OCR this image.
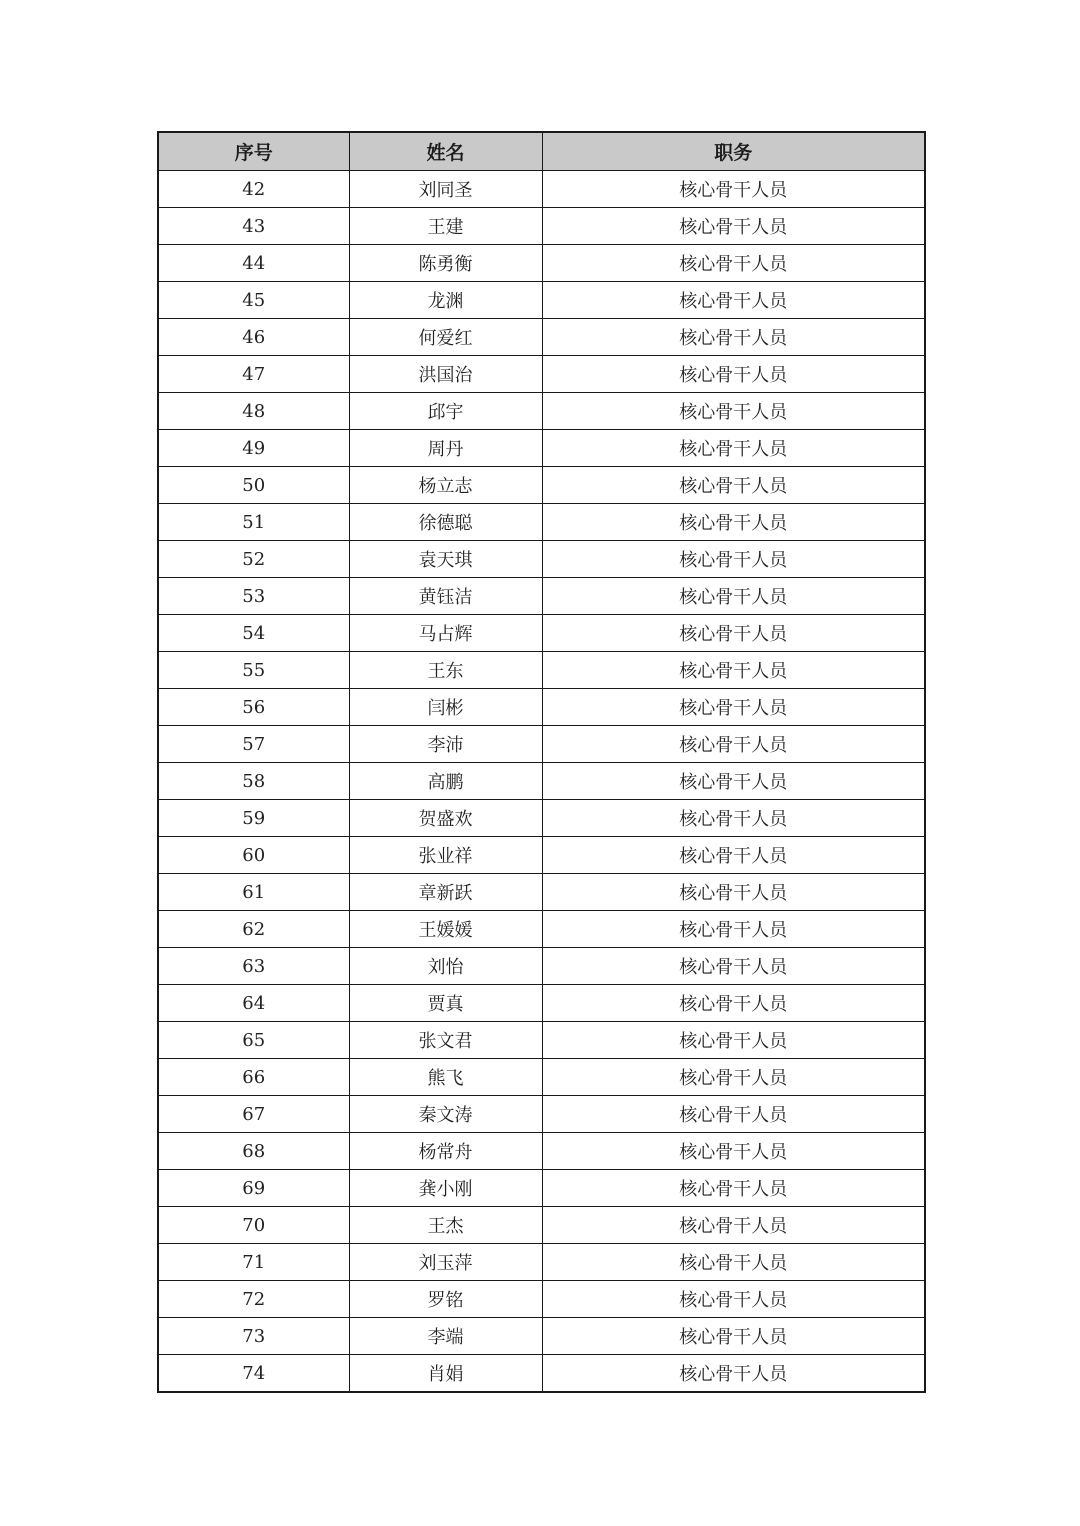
序号	姓名	职务
42	刘同圣	核心骨干人员
43	王建	核心骨干人员
44	陈勇衡	核心骨干人员
45	龙渊	核心骨干人员
46	何爱红	核心骨干人员
47	洪国治	核心骨干人员
48	邱宇	核心骨干人员
49	周丹	核心骨干人员
50	杨立志	核心骨干人员
51	徐德聪	核心骨干人员
52	袁天琪	核心骨干人员
53	黄钰洁	核心骨干人员
54	马占辉	核心骨干人员
55	王东	核心骨干人员
56	闫彬	核心骨干人员
57	李沛	核心骨干人员
58	高鹏	核心骨干人员
59	贺盛欢	核心骨干人员
60	张业祥	核心骨干人员
61	章新跃	核心骨干人员
62	王媛媛	核心骨干人员
63	刘怡	核心骨干人员
64	贾真	核心骨干人员
65	张文君	核心骨干人员
66	熊飞	核心骨干人员
67	秦文涛	核心骨干人员
68	杨常舟	核心骨干人员
69	龚小刚	核心骨干人员
70	王杰	核心骨干人员
71	刘玉萍	核心骨干人员
72	罗铭	核心骨干人员
73	李端	核心骨干人员
74	肖娟	核心骨干人员
